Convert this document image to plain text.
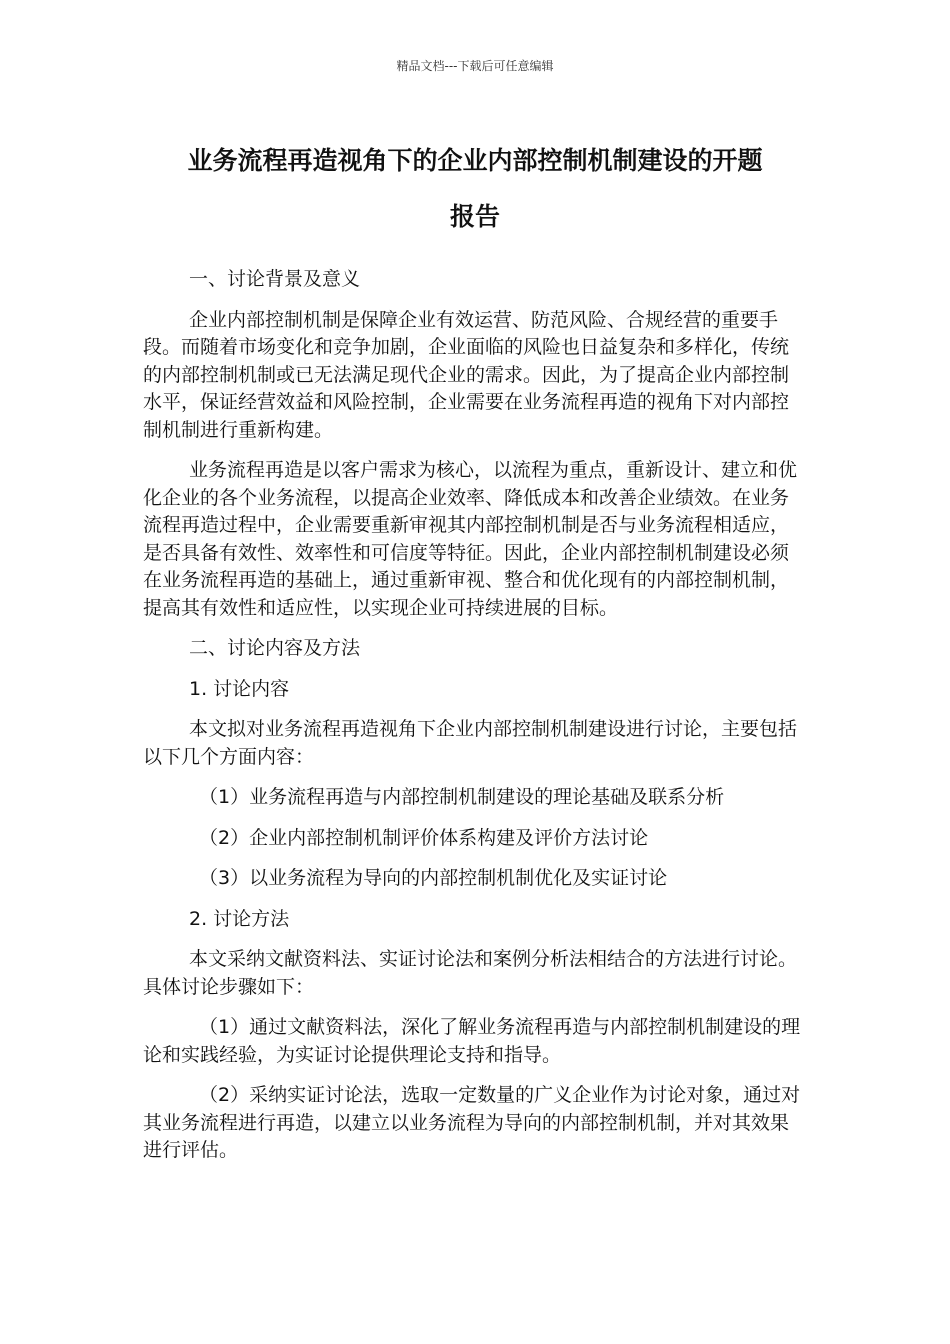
精品文档---下载后可任意编辑
业务流程再造视角下的企业内部控制机制建设的开题
报告

一、讨论背景及意义

企业内部控制机制是保障企业有效运营、防范风险、合规经营的重要手段。而随着市场变化和竞争加剧，企业面临的风险也日益复杂和多样化，传统的内部控制机制或已无法满足现代企业的需求。因此，为了提高企业内部控制水平，保证经营效益和风险控制，企业需要在业务流程再造的视角下对内部控制机制进行重新构建。

业务流程再造是以客户需求为核心，以流程为重点，重新设计、建立和优化企业的各个业务流程，以提高企业效率、降低成本和改善企业绩效。在业务流程再造过程中，企业需要重新审视其内部控制机制是否与业务流程相适应，是否具备有效性、效率性和可信度等特征。因此，企业内部控制机制建设必须在业务流程再造的基础上，通过重新审视、整合和优化现有的内部控制机制，提高其有效性和适应性，以实现企业可持续进展的目标。

二、讨论内容及方法

1. 讨论内容

本文拟对业务流程再造视角下企业内部控制机制建设进行讨论，主要包括以下几个方面内容：

（1）业务流程再造与内部控制机制建设的理论基础及联系分析

（2）企业内部控制机制评价体系构建及评价方法讨论

（3）以业务流程为导向的内部控制机制优化及实证讨论

2. 讨论方法

本文采纳文献资料法、实证讨论法和案例分析法相结合的方法进行讨论。具体讨论步骤如下：

（1）通过文献资料法，深化了解业务流程再造与内部控制机制建设的理论和实践经验，为实证讨论提供理论支持和指导。

（2）采纳实证讨论法，选取一定数量的广义企业作为讨论对象，通过对其业务流程进行再造，以建立以业务流程为导向的内部控制机制，并对其效果进行评估。
